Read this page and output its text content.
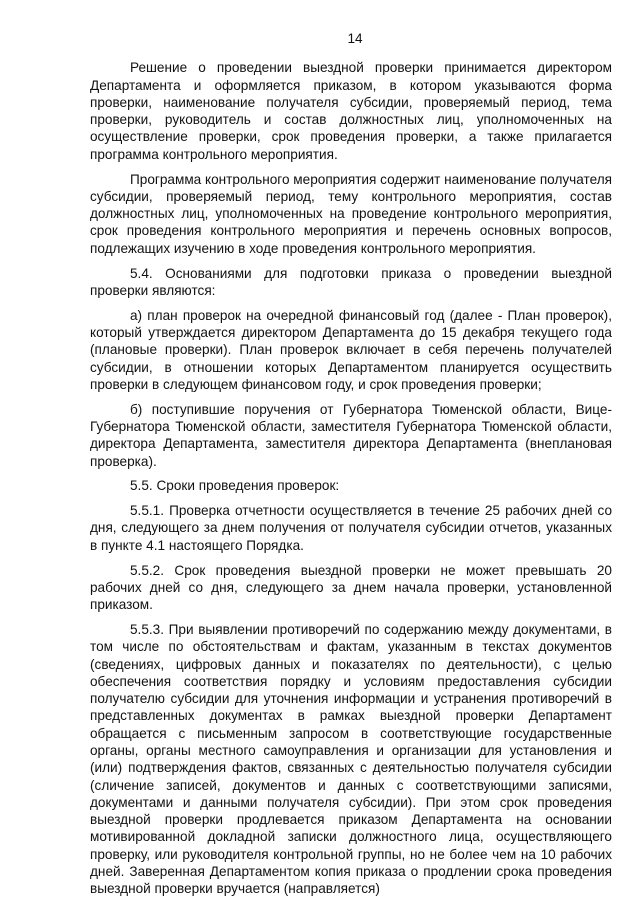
14

Решение о проведении выездной проверки принимается директором Департамента и оформляется приказом, в котором указываются форма проверки, наименование получателя субсидии, проверяемый период, тема проверки, руководитель и состав должностных лиц, уполномоченных на осуществление проверки, срок проведения проверки, а также прилагается программа контрольного мероприятия.

Программа контрольного мероприятия содержит наименование получателя субсидии, проверяемый период, тему контрольного мероприятия, состав должностных лиц, уполномоченных на проведение контрольного мероприятия, срок проведения контрольного мероприятия и перечень основных вопросов, подлежащих изучению в ходе проведения контрольного мероприятия.

5.4. Основаниями для подготовки приказа о проведении выездной проверки являются:

а) план проверок на очередной финансовый год (далее - План проверок), который утверждается директором Департамента до 15 декабря текущего года (плановые проверки). План проверок включает в себя перечень получателей субсидии, в отношении которых Департаментом планируется осуществить проверки в следующем финансовом году, и срок проведения проверки;

б) поступившие поручения от Губернатора Тюменской области, Вице-Губернатора Тюменской области, заместителя Губернатора Тюменской области, директора Департамента, заместителя директора Департамента (внеплановая проверка).

5.5. Сроки проведения проверок:

5.5.1. Проверка отчетности осуществляется в течение 25 рабочих дней со дня, следующего за днем получения от получателя субсидии отчетов, указанных в пункте 4.1 настоящего Порядка.

5.5.2. Срок проведения выездной проверки не может превышать 20 рабочих дней со дня, следующего за днем начала проверки, установленной приказом.

5.5.3. При выявлении противоречий по содержанию между документами, в том числе по обстоятельствам и фактам, указанным в текстах документов (сведениях, цифровых данных и показателях по деятельности), с целью обеспечения соответствия порядку и условиям предоставления субсидии получателю субсидии для уточнения информации и устранения противоречий в представленных документах в рамках выездной проверки Департамент обращается с письменным запросом в соответствующие государственные органы, органы местного самоуправления и организации для установления и (или) подтверждения фактов, связанных с деятельностью получателя субсидии (сличение записей, документов и данных с соответствующими записями, документами и данными получателя субсидии). При этом срок проведения выездной проверки продлевается приказом Департамента на основании мотивированной докладной записки должностного лица, осуществляющего проверку, или руководителя контрольной группы, но не более чем на 10 рабочих дней. Заверенная Департаментом копия приказа о продлении срока проведения выездной проверки вручается (направляется)
